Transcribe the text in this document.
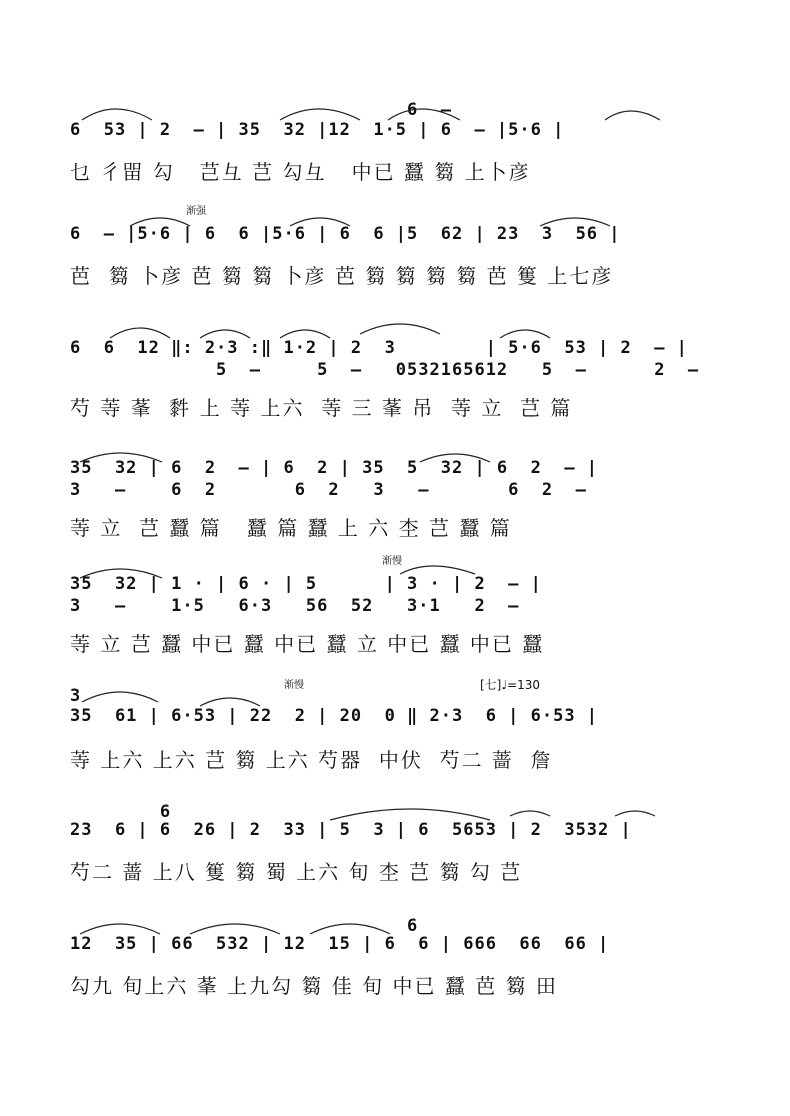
6  53 | 2  — | 35  32 |12  1·5 | 6  — |5·6 |
6  —
乜 彳㽞 勾   芑彑 芑 勾彑   中已 蠶 篘 上卜彦
渐强
6  — |5·6 | 6  6 |5·6 | 6  6 |5  62 | 23  3  56 |
芭  篘 卜彦 芭 篘 篘 卜彦 芭 篘 篘 篘 篘 芭 篗 上七彦
6  6  12 ‖: 2·3 :‖ 1·2 | 2  3        | 5·6  53 | 2  — |
5  —     5  —   0532165612   5  —      2  —
芍 䓁 莑  䵓 上 䓁 上六  䓁 三 莑 吊  䓁 立  芑 篇
35  32 | 6  2  — | 6  2 | 35  5  32 | 6  2  — |
3   —    6  2       6  2   3   —       6  2  —
䓁 立  芑 蠶 篇   蠶 篇 蠶 上 六 杢 芑 蠶 篇
渐慢
35  32 | 1 · | 6 · | 5      | 3 · | 2  — |
3   —    1·5   6·3   56  52   3·1   2  —
䓁 立 芑 蠶 中已 蠶 中已 蠶 立 中已 蠶 中已 蠶
渐慢	[七]♩=130
3
35  61 | 6·53 | 22  2 | 20  0 ‖ 2·3  6 | 6·53 |
䓁 上六 上六 芑 篘 上六 芍器  中伏  芍二 蔷  詹
6
23  6 | 6  26 | 2  33 | 5  3 | 6  5653 | 2  3532 |
芍二 蔷 上八 篗 篘 蜀 上六 旬 杢 芑 篘 勾 芑
6
12  35 | 66  532 | 12  15 | 6  6 | 666  66  66 |
勾九 旬上六 莑 上九勾 篘 佳 旬 中已 蠶 芭 篘 田
